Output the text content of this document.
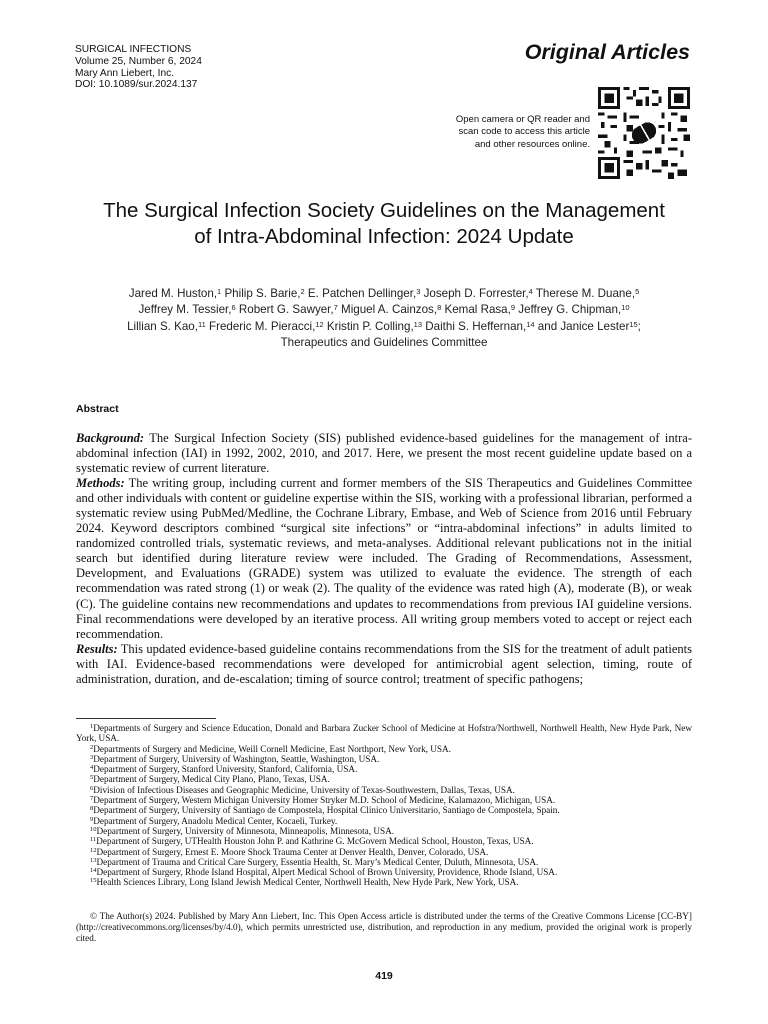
SURGICAL INFECTIONS
Volume 25, Number 6, 2024
Mary Ann Liebert, Inc.
DOI: 10.1089/sur.2024.137
Original Articles
Open camera or QR reader and
scan code to access this article
and other resources online.
The Surgical Infection Society Guidelines on the Management
of Intra-Abdominal Infection: 2024 Update
Jared M. Huston,$^1$ Philip S. Barie,$^2$ E. Patchen Dellinger,$^3$ Joseph D. Forrester,$^4$ Therese M. Duane,$^5$
Jeffrey M. Tessier,$^6$ Robert G. Sawyer,$^7$ Miguel A. Cainzos,$^8$ Kemal Rasa,$^9$ Jeffrey G. Chipman,$^{10}$
Lillian S. Kao,$^{11}$ Frederic M. Pieracci,$^{12}$ Kristin P. Colling,$^{13}$ Daithi S. Heffernan,$^{14}$ and Janice Lester$^{15}$;
Therapeutics and Guidelines Committee
Abstract

Background: The Surgical Infection Society (SIS) published evidence-based guidelines for the management of intra-abdominal infection (IAI) in 1992, 2002, 2010, and 2017. Here, we present the most recent guideline update based on a systematic review of current literature.

Methods: The writing group, including current and former members of the SIS Therapeutics and Guidelines Committee and other individuals with content or guideline expertise within the SIS, working with a professional librarian, performed a systematic review using PubMed/Medline, the Cochrane Library, Embase, and Web of Science from 2016 until February 2024. Keyword descriptors combined “surgical site infections” or “intra-abdominal infections” in adults limited to randomized controlled trials, systematic reviews, and meta-analyses. Additional relevant publications not in the initial search but identified during literature review were included. The Grading of Recommendations, Assessment, Development, and Evaluations (GRADE) system was utilized to evaluate the evidence. The strength of each recommendation was rated strong (1) or weak (2). The quality of the evidence was rated high (A), moderate (B), or weak (C). The guideline contains new recommendations and updates to recommendations from previous IAI guideline versions. Final recommendations were developed by an iterative process. All writing group members voted to accept or reject each recommendation.

Results: This updated evidence-based guideline contains recommendations from the SIS for the treatment of adult patients with IAI. Evidence-based recommendations were developed for antimicrobial agent selection, timing, route of administration, duration, and de-escalation; timing of source control; treatment of specific pathogens;

$^1$Departments of Surgery and Science Education, Donald and Barbara Zucker School of Medicine at Hofstra/Northwell, Northwell Health, New Hyde Park, New York, USA.
$^2$Departments of Surgery and Medicine, Weill Cornell Medicine, East Northport, New York, USA.
$^3$Department of Surgery, University of Washington, Seattle, Washington, USA.
$^4$Department of Surgery, Stanford University, Stanford, California, USA.
$^5$Department of Surgery, Medical City Plano, Plano, Texas, USA.
$^6$Division of Infectious Diseases and Geographic Medicine, University of Texas-Southwestern, Dallas, Texas, USA.
$^7$Department of Surgery, Western Michigan University Homer Stryker M.D. School of Medicine, Kalamazoo, Michigan, USA.
$^8$Department of Surgery, University of Santiago de Compostela, Hospital Clínico Universitario, Santiago de Compostela, Spain.
$^9$Department of Surgery, Anadolu Medical Center, Kocaeli, Turkey.
$^{10}$Department of Surgery, University of Minnesota, Minneapolis, Minnesota, USA.
$^{11}$Department of Surgery, UTHealth Houston John P. and Kathrine G. McGovern Medical School, Houston, Texas, USA.
$^{12}$Department of Surgery, Ernest E. Moore Shock Trauma Center at Denver Health, Denver, Colorado, USA.
$^{13}$Department of Trauma and Critical Care Surgery, Essentia Health, St. Mary’s Medical Center, Duluth, Minnesota, USA.
$^{14}$Department of Surgery, Rhode Island Hospital, Alpert Medical School of Brown University, Providence, Rhode Island, USA.
$^{15}$Health Sciences Library, Long Island Jewish Medical Center, Northwell Health, New Hyde Park, New York, USA.
© The Author(s) 2024. Published by Mary Ann Liebert, Inc. This Open Access article is distributed under the terms of the Creative Commons License [CC-BY] (http://creativecommons.org/licenses/by/4.0), which permits unrestricted use, distribution, and reproduction in any medium, provided the original work is properly cited.
419
